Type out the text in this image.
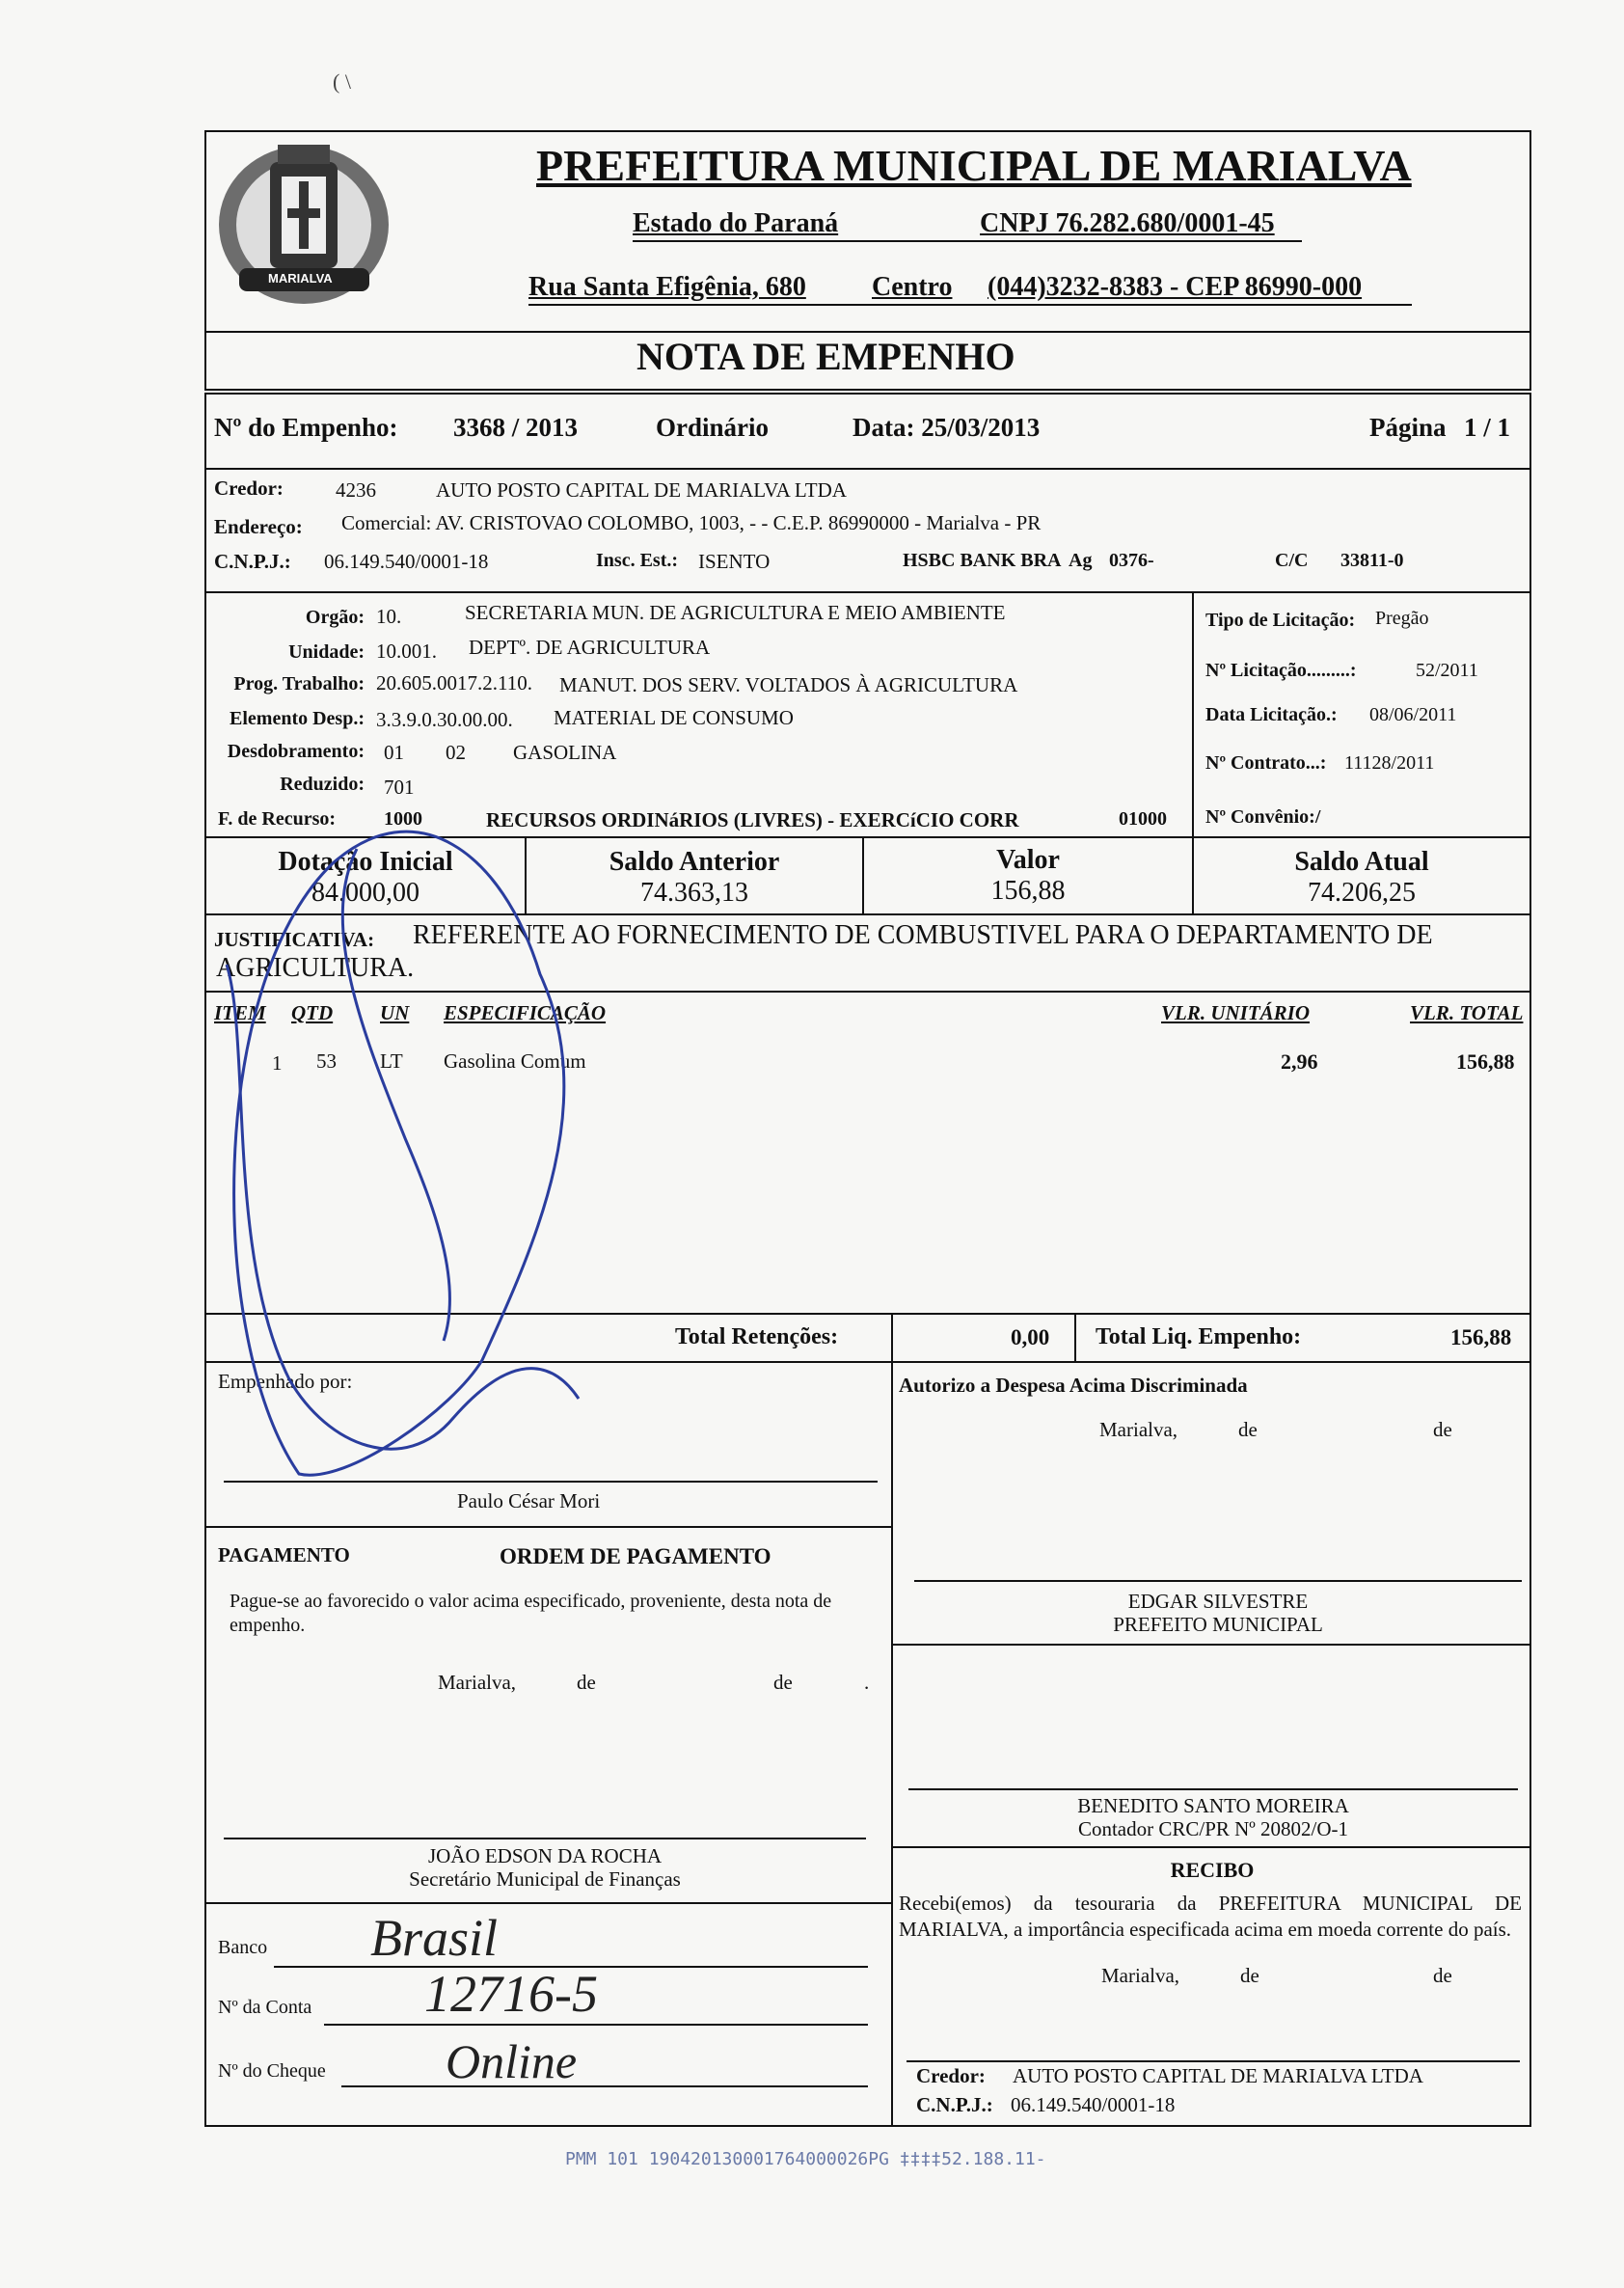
( \
MARIALVA
PREFEITURA MUNICIPAL DE MARIALVA
Estado do Paraná	CNPJ 76.282.680/0001-45
Rua Santa Efigênia, 680 Centro (044)3232-8383 - CEP 86990-000
NOTA DE EMPENHO
Nº do Empenho: 3368 / 2013	Ordinário	Data: 25/03/2013	Página 1 / 1
Credor:	4236	AUTO POSTO CAPITAL DE MARIALVA LTDA
Endereço: Comercial: AV. CRISTOVAO COLOMBO, 1003, - - C.E.P. 86990000 - Marialva - PR
C.N.P.J.: 06.149.540/0001-18	Insc. Est.: ISENTO	HSBC BANK BRA Ag 0376-	C/C 33811-0
Orgão: 10.	SECRETARIA MUN. DE AGRICULTURA E MEIO AMBIENTE
Unidade: 10.001. DEPTº. DE AGRICULTURA
Prog. Trabalho: 20.605.0017.2.110. MANUT. DOS SERV. VOLTADOS À AGRICULTURA
Elemento Desp.: 3.3.9.0.30.00.00. MATERIAL DE CONSUMO
Desdobramento: 01 02 GASOLINA
Reduzido: 701
F. de Recurso: 1000	RECURSOS ORDINáRIOS (LIVRES) - EXERCíCIO CORR	01000
Tipo de Licitação: Pregão
Nº Licitação.........:	52/2011
Data Licitação.: 08/06/2011
Nº Contrato...: 11128/2011
Nº Convênio:/
Dotação Inicial
84.000,00
Saldo Anterior
74.363,13
Valor
156,88
Saldo Atual
74.206,25
JUSTIFICATIVA: REFERENTE AO FORNECIMENTO DE COMBUSTIVEL PARA O DEPARTAMENTO DE
AGRICULTURA.
ITEM QTD UN ESPECIFICAÇÃO	VLR. UNITÁRIO	VLR. TOTAL
1 53 LT Gasolina Comum	2,96	156,88
Total Retenções:	0,00 Total Liq. Empenho:	156,88
Empenhado por:
Paulo César Mori
PAGAMENTO	ORDEM DE PAGAMENTO
Pague-se ao favorecido o valor acima especificado, proveniente, desta nota de empenho.
Marialva,	de	de	.
JOÃO EDSON DA ROCHA
Secretário Municipal de Finanças
Banco Brasil
Nº da Conta 12716-5
Nº do Cheque Online
Autorizo a Despesa Acima Discriminada
Marialva,	de	de
EDGAR SILVESTRE
PREFEITO MUNICIPAL
BENEDITO SANTO MOREIRA
Contador CRC/PR Nº 20802/O-1
RECIBO
Recebi(emos) da tesouraria da PREFEITURA MUNICIPAL DE MARIALVA, a importância especificada acima em moeda corrente do país.
Marialva,	de	de
Credor: AUTO POSTO CAPITAL DE MARIALVA LTDA
C.N.P.J.: 06.149.540/0001-18
PMM 101 190420130001764000026PG ‡‡‡‡52.188.11-
